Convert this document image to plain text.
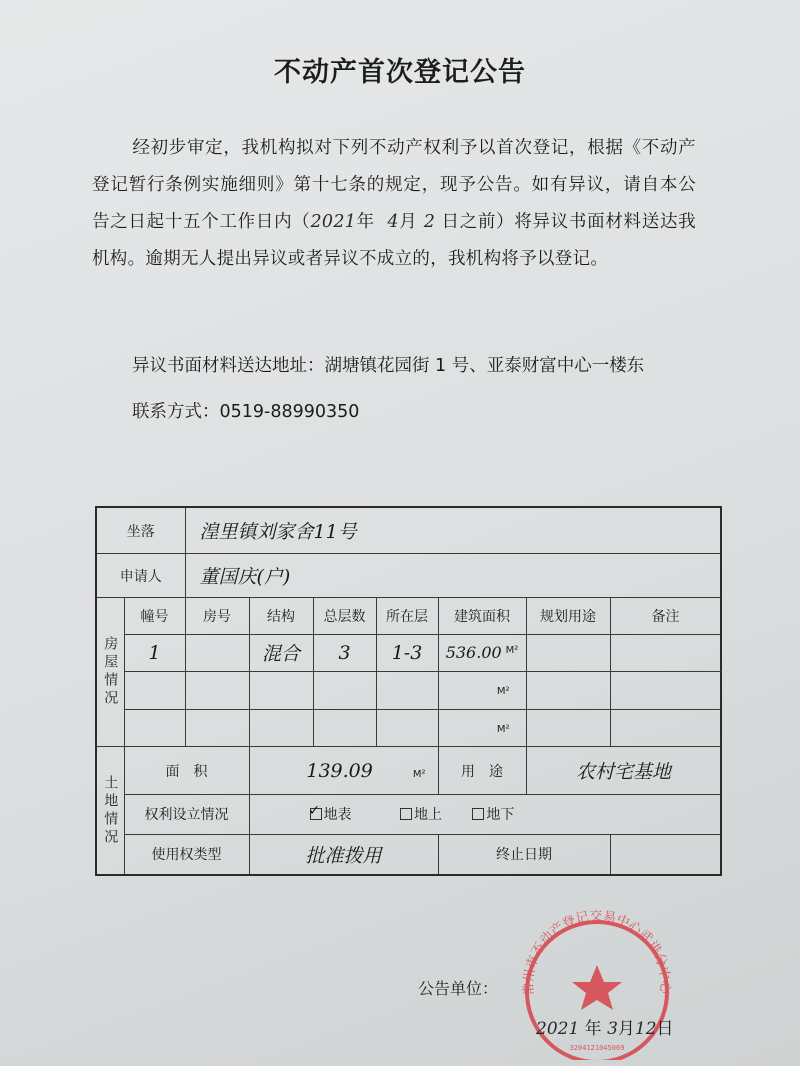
不动产首次登记公告
经初步审定，我机构拟对下列不动产权利予以首次登记，根据《不动产登记暂行条例实施细则》第十七条的规定，现予公告。如有异议，请自本公告之日起十五个工作日内（2021年 4月 2 日之前）将异议书面材料送达我机构。逾期无人提出异议或者异议不成立的，我机构将予以登记。
异议书面材料送达地址：湖塘镇花园街 1 号、亚泰财富中心一楼东
联系方式：0519-88990350
坐落		湟里镇刘家舍11号						
申请人		董国庆(户)						
房屋情况	幢号	房号	结构	总层数	所在层	建筑面积	规划用途	备注
	1		混合	3	1-3	536.00 $^{M^2}$		
						M²		
						M²		
土地情况	面　积		139.09 M²			用　途	农村宅基地	
	权利设立情况	✓地表 地上 地下
	使用权类型		批准拨用			终止日期		
常州市不动产登记交易中心武进分中心
3204121045069
公告单位：
2021 年 3月12日
